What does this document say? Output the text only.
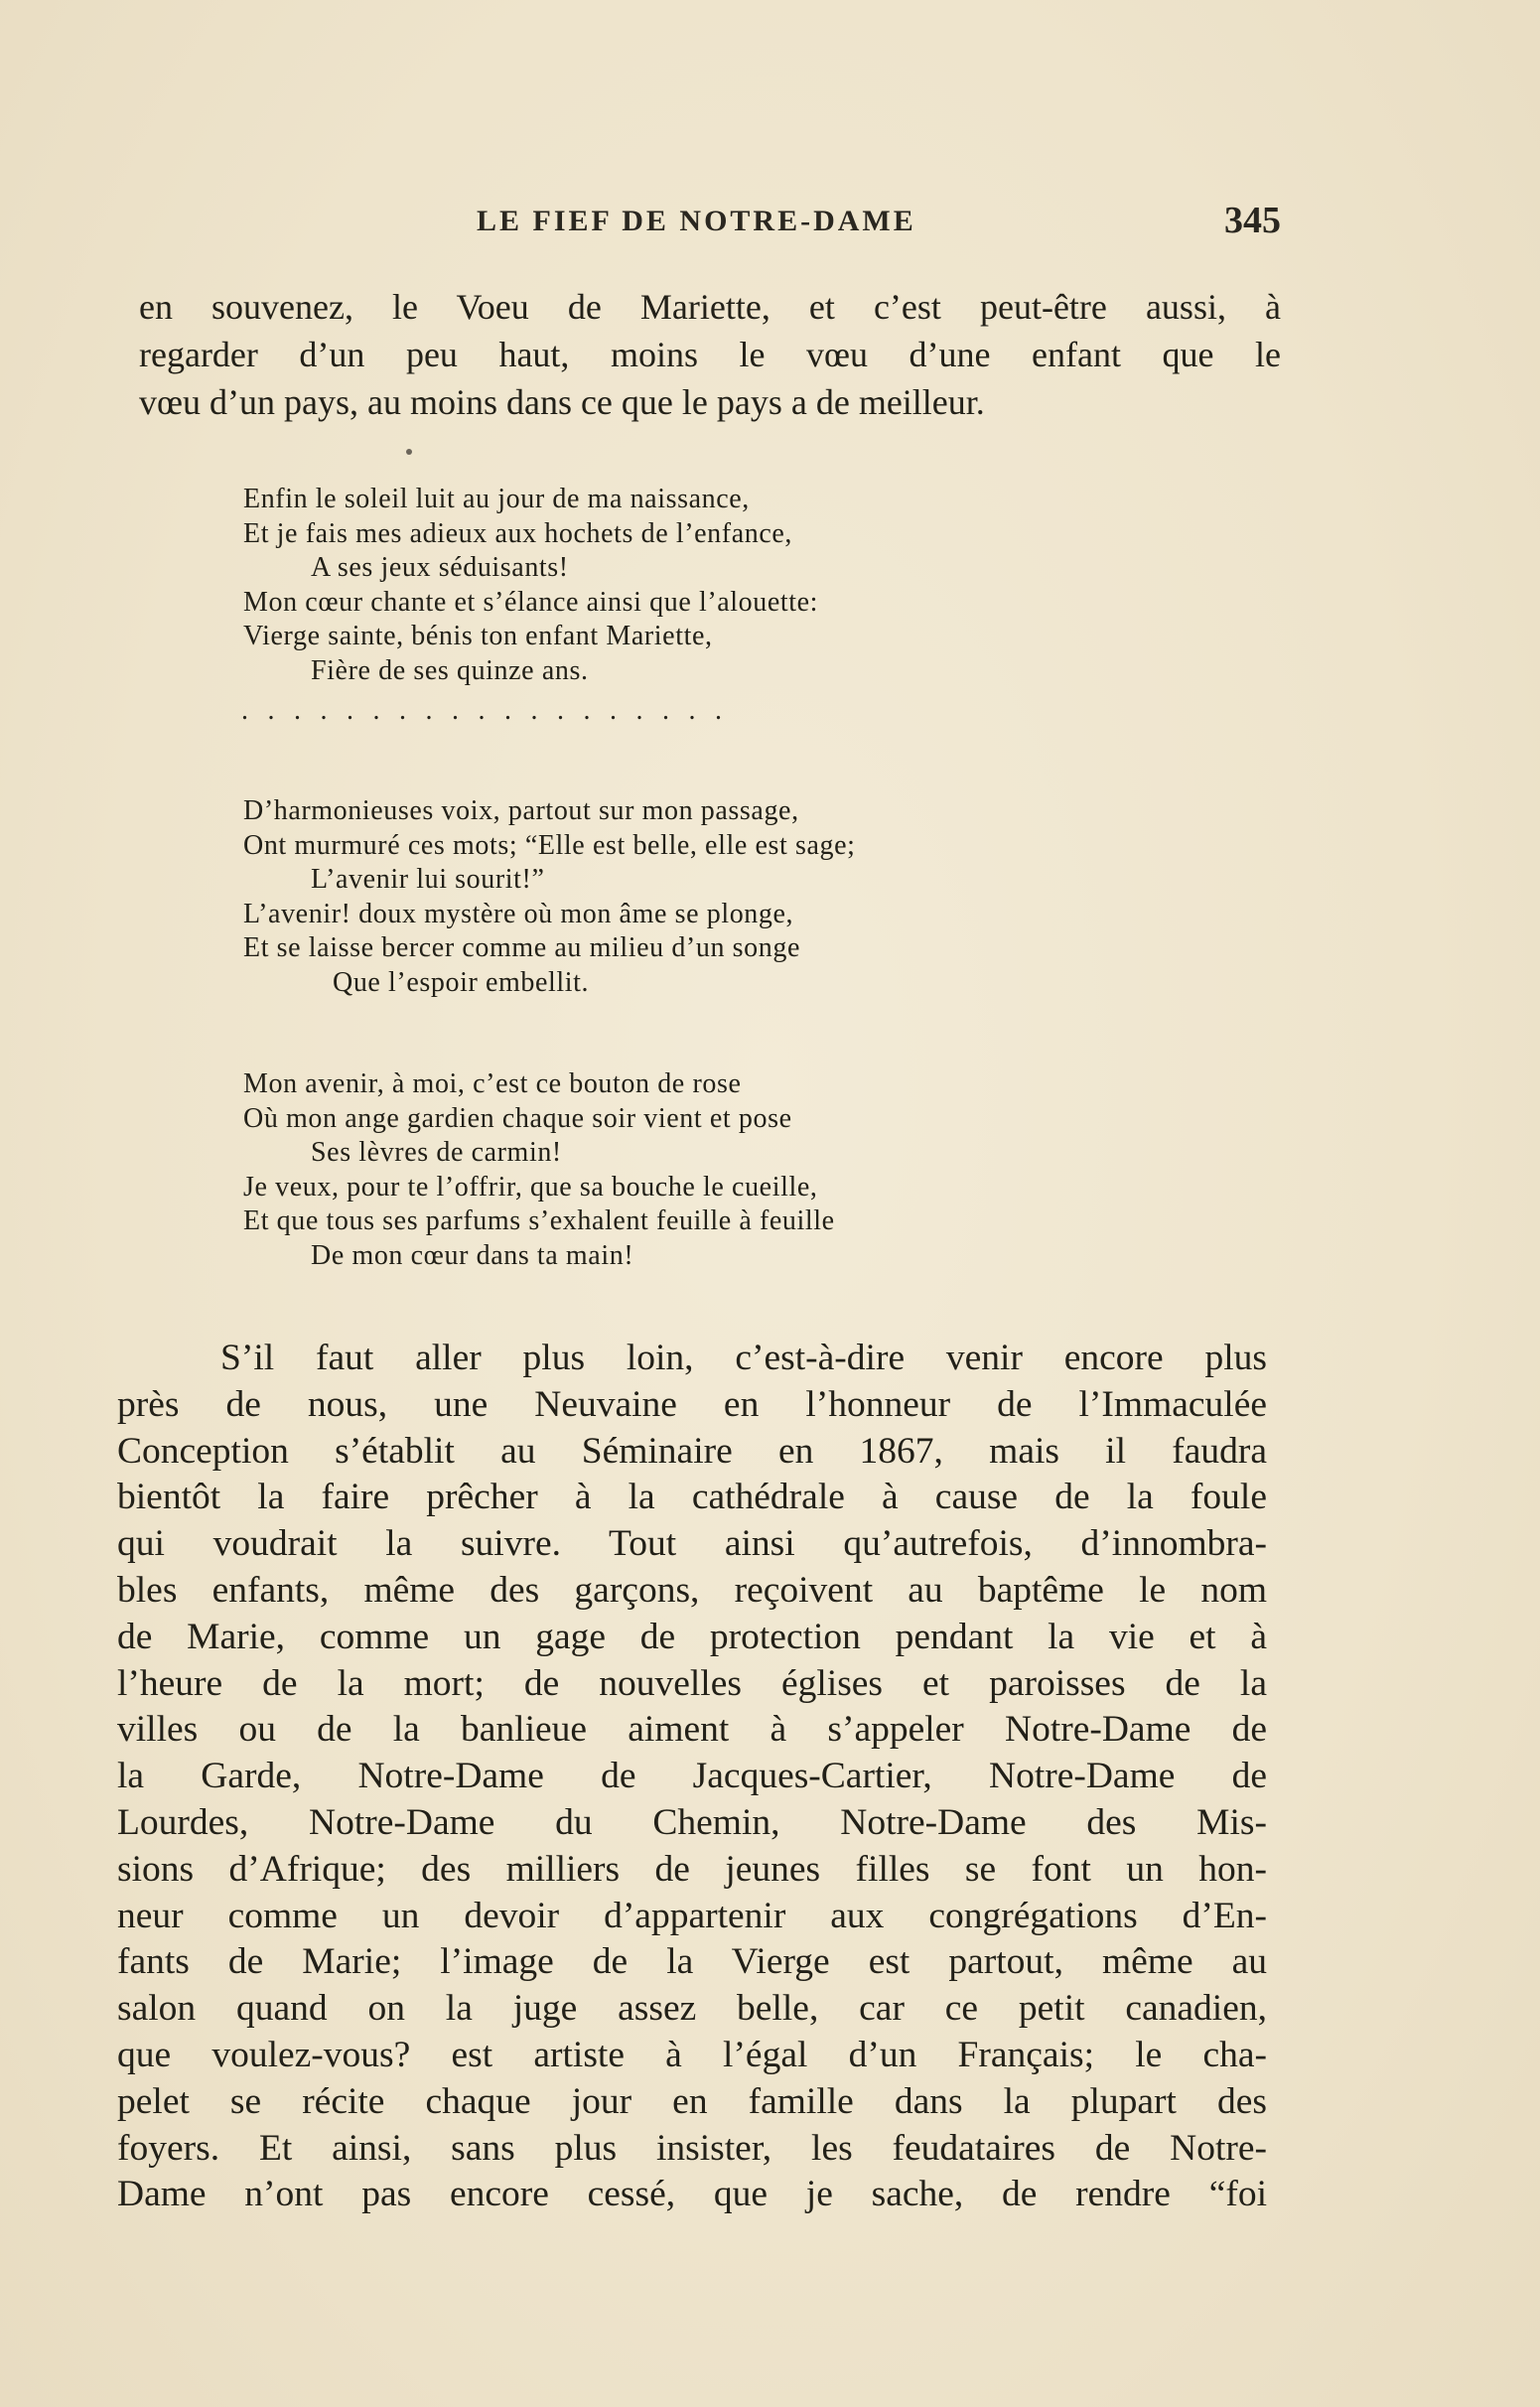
LE FIEF DE NOTRE-DAME	345
en souvenez, le Voeu de Mariette, et c’est peut-être aussi, à
regarder d’un peu haut, moins le vœu d’une enfant que le
vœu d’un pays, au moins dans ce que le pays a de meilleur.
Enfin le soleil luit au jour de ma naissance,
Et je fais mes adieux aux hochets de l’enfance,
A ses jeux séduisants!
Mon cœur chante et s’élance ainsi que l’alouette:
Vierge sainte, bénis ton enfant Mariette,
Fière de ses quinze ans.
...................
D’harmonieuses voix, partout sur mon passage,
Ont murmuré ces mots; “Elle est belle, elle est sage;
L’avenir lui sourit!”
L’avenir! doux mystère où mon âme se plonge,
Et se laisse bercer comme au milieu d’un songe
Que l’espoir embellit.
Mon avenir, à moi, c’est ce bouton de rose
Où mon ange gardien chaque soir vient et pose
Ses lèvres de carmin!
Je veux, pour te l’offrir, que sa bouche le cueille,
Et que tous ses parfums s’exhalent feuille à feuille
De mon cœur dans ta main!
S’il faut aller plus loin, c’est-à-dire venir encore plus
près de nous, une Neuvaine en l’honneur de l’Immaculée
Conception s’établit au Séminaire en 1867, mais il faudra
bientôt la faire prêcher à la cathédrale à cause de la foule
qui voudrait la suivre. Tout ainsi qu’autrefois, d’innombra-
bles enfants, même des garçons, reçoivent au baptême le nom
de Marie, comme un gage de protection pendant la vie et à
l’heure de la mort; de nouvelles églises et paroisses de la
villes ou de la banlieue aiment à s’appeler Notre-Dame de
la Garde, Notre-Dame de Jacques-Cartier, Notre-Dame de
Lourdes, Notre-Dame du Chemin, Notre-Dame des Mis-
sions d’Afrique; des milliers de jeunes filles se font un hon-
neur comme un devoir d’appartenir aux congrégations d’En-
fants de Marie; l’image de la Vierge est partout, même au
salon quand on la juge assez belle, car ce petit canadien,
que voulez-vous? est artiste à l’égal d’un Français; le cha-
pelet se récite chaque jour en famille dans la plupart des
foyers. Et ainsi, sans plus insister, les feudataires de Notre-
Dame n’ont pas encore cessé, que je sache, de rendre “foi
